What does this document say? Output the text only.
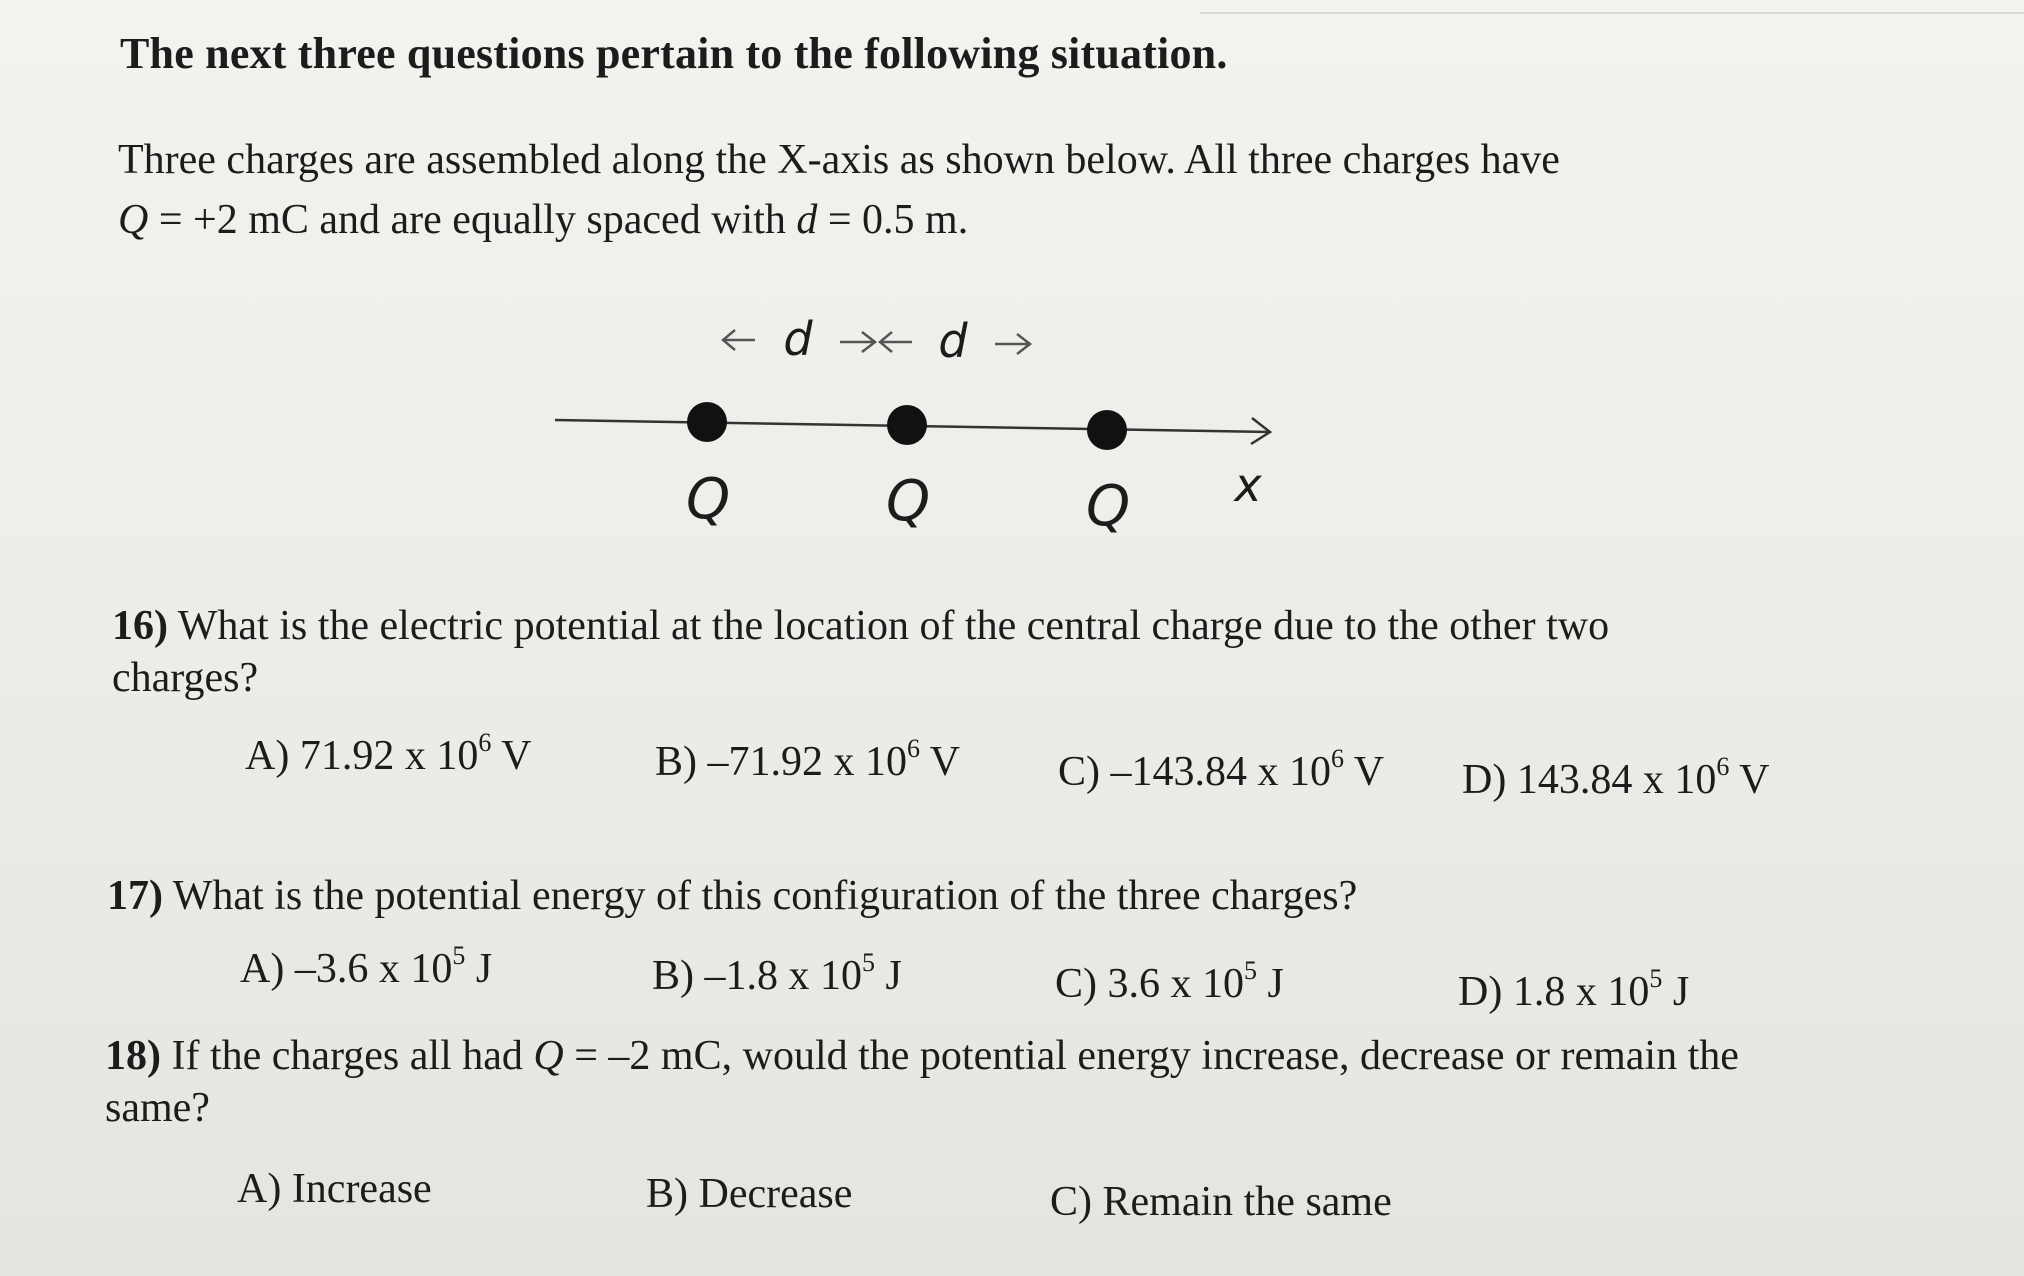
The next three questions pertain to the following situation.
Three charges are assembled along the X-axis as shown below. All three charges have
Q = +2 mC and are equally spaced with d = 0.5 m.
d	d
Q	Q	Q x
16) What is the electric potential at the location of the central charge due to the other two
charges?
A) 71.92 x $10^6$ V	B) –71.92 x $10^6$ V C) –143.84 x $10^6$ V D) 143.84 x $10^6$ V
17) What is the potential energy of this configuration of the three charges?
A) –3.6 x $10^5$ J	B) –1.8 x $10^5$ J	C) 3.6 x $10^5$ J	D) 1.8 x $10^5$ J
18) If the charges all had Q = –2 mC, would the potential energy increase, decrease or remain the
same?
A) Increase	B) Decrease	C) Remain the same
